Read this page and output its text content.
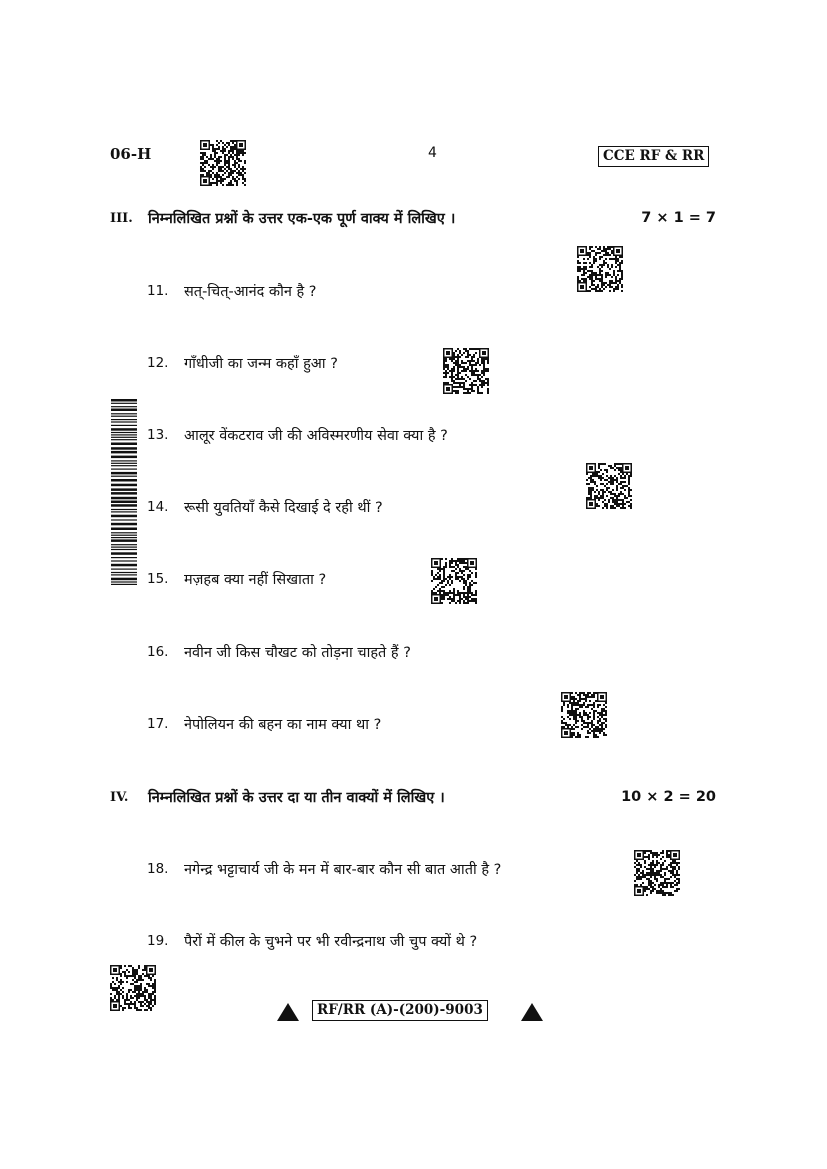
06-H	4	CCE RF & RR
III.	निम्नलिखित प्रश्नों के उत्तर एक-एक पूर्ण वाक्य में लिखिए ।	7 × 1 = 7
11.	सत्-चित्-आनंद कौन है ?
12.	गाँधीजी का जन्म कहाँ हुआ ?
13.	आलूर वेंकटराव जी की अविस्मरणीय सेवा क्या है ?
14.	रूसी युवतियाँ कैसे दिखाई दे रही थीं ?
15.	मज़हब क्या नहीं सिखाता ?
16.	नवीन जी किस चौखट को तोड़ना चाहते हैं ?
17.	नेपोलियन की बहन का नाम क्या था ?
IV.	निम्नलिखित प्रश्नों के उत्तर दा या तीन वाक्यों में लिखिए ।	10 × 2 = 20
18.	नगेन्द्र भट्टाचार्य जी के मन में बार-बार कौन सी बात आती है ?
19.	पैरों में कील के चुभने पर भी रवीन्द्रनाथ जी चुप क्यों थे ?
RF/RR (A)-(200)-9003
